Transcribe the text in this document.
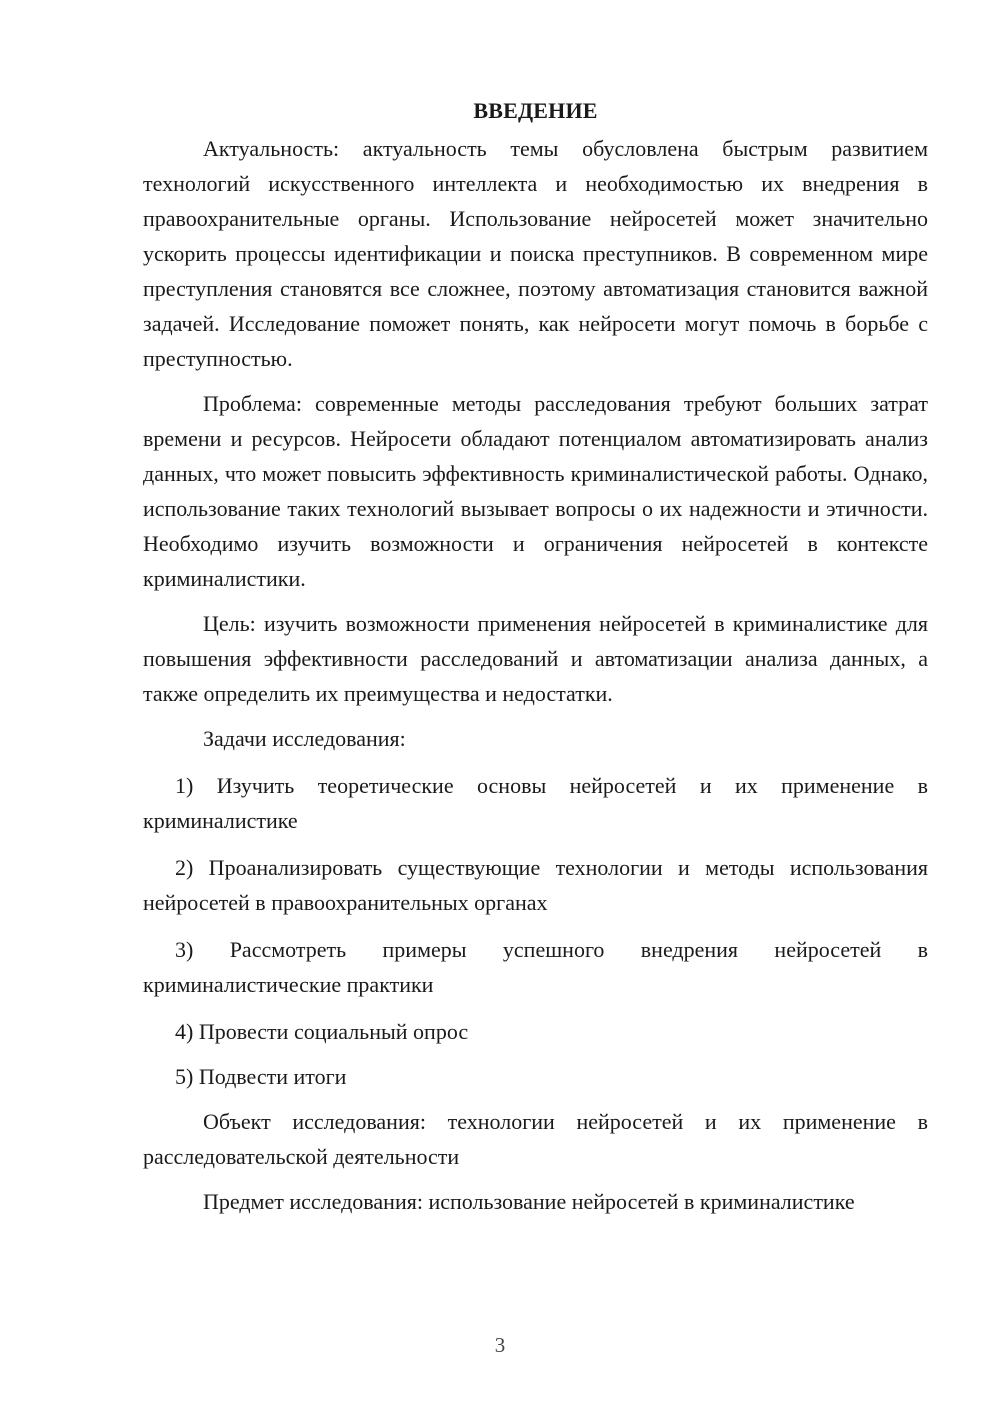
ВВЕДЕНИЕ

Актуальность: актуальность темы обусловлена быстрым развитием технологий искусственного интеллекта и необходимостью их внедрения в правоохранительные органы. Использование нейросетей может значительно ускорить процессы идентификации и поиска преступников. В современном мире преступления становятся все сложнее, поэтому автоматизация становится важной задачей. Исследование поможет понять, как нейросети могут помочь в борьбе с преступностью.

Проблема: современные методы расследования требуют больших затрат времени и ресурсов. Нейросети обладают потенциалом автоматизировать анализ данных, что может повысить эффективность криминалистической работы. Однако, использование таких технологий вызывает вопросы о их надежности и этичности. Необходимо изучить возможности и ограничения нейросетей в контексте криминалистики.

Цель: изучить возможности применения нейросетей в криминалистике для повышения эффективности расследований и автоматизации анализа данных, а также определить их преимущества и недостатки.

Задачи исследования:

1) Изучить теоретические основы нейросетей и их применение в криминалистике

2) Проанализировать существующие технологии и методы использования нейросетей в правоохранительных органах

3) Рассмотреть примеры успешного внедрения нейросетей в криминалистические практики

4) Провести социальный опрос

5) Подвести итоги

Объект исследования: технологии нейросетей и их применение в расследовательской деятельности

Предмет исследования: использование нейросетей в криминалистике

3
